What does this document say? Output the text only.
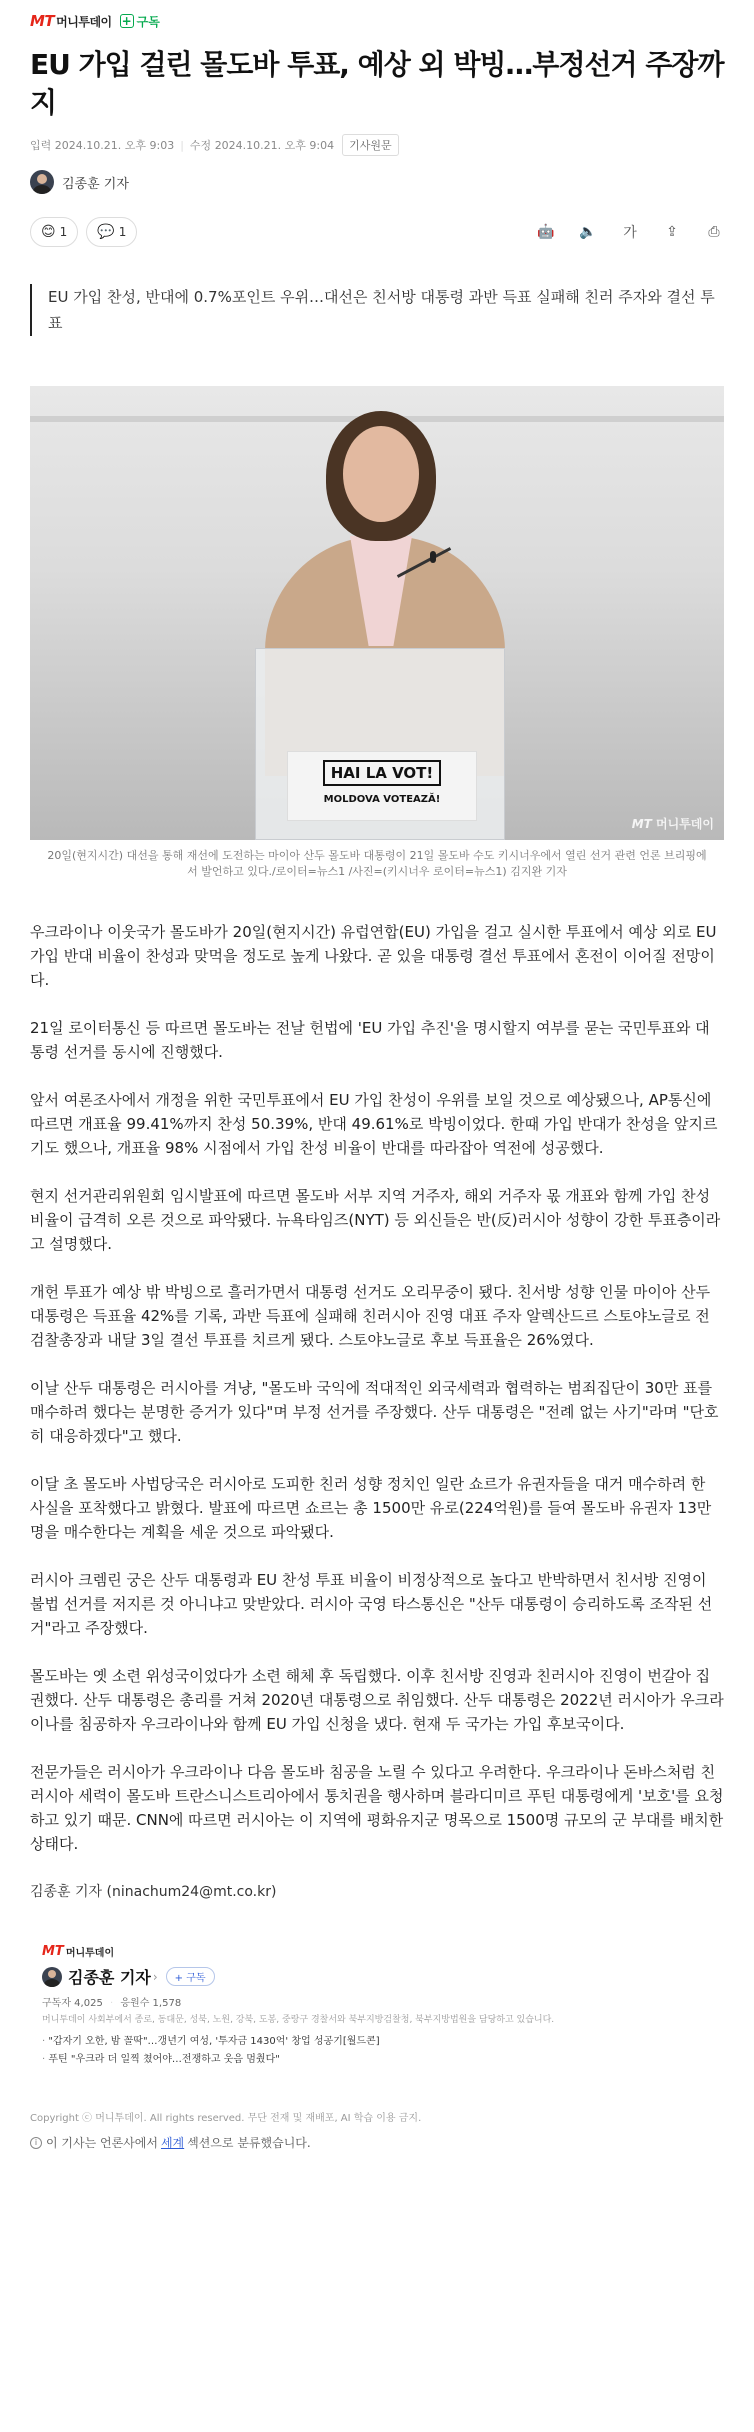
MT 머니투데이 + 구독
EU 가입 걸린 몰도바 투표, 예상 외 박빙…부정선거 주장까지
입력
2024.10.21. 오후 9:03 | 수정
2024.10.21. 오후 9:04	기사원문
김종훈 기자
😊 1 💬 1	🤖 🔈 가 ⇪	⎙
EU 가입 찬성, 반대에 0.7%포인트 우위…대선은 친서방 대통령 과반 득표 실패해 친러 주자와 결선 투표
HAI LA VOT!
MOLDOVA VOTEAZĂ!
MT 머니투데이
20일(현지시간) 대선을 통해 재선에 도전하는 마이아 산두 몰도바 대통령이 21일 몰도바 수도 키시너우에서 열린 선거 관련 언론 브리핑에서 발언하고 있다./로이터=뉴스1 /사진=(키시너우 로이터=뉴스1) 김지완 기자

우크라이나 이웃국가 몰도바가 20일(현지시간) 유럽연합(EU) 가입을 걸고 실시한 투표에서 예상 외로 EU 가입 반대 비율이 찬성과 맞먹을 정도로 높게 나왔다. 곧 있을 대통령 결선 투표에서 혼전이 이어질 전망이다.

21일 로이터통신 등 따르면 몰도바는 전날 헌법에 'EU 가입 추진'을 명시할지 여부를 묻는 국민투표와 대통령 선거를 동시에 진행했다.

앞서 여론조사에서 개정을 위한 국민투표에서 EU 가입 찬성이 우위를 보일 것으로 예상됐으나, AP통신에 따르면 개표율 99.41%까지 찬성 50.39%, 반대 49.61%로 박빙이었다. 한때 가입 반대가 찬성을 앞지르기도 했으나, 개표율 98% 시점에서 가입 찬성 비율이 반대를 따라잡아 역전에 성공했다.

현지 선거관리위원회 임시발표에 따르면 몰도바 서부 지역 거주자, 해외 거주자 몫 개표와 함께 가입 찬성 비율이 급격히 오른 것으로 파악됐다. 뉴욕타임즈(NYT) 등 외신들은 반(反)러시아 성향이 강한 투표층이라고 설명했다.

개헌 투표가 예상 밖 박빙으로 흘러가면서 대통령 선거도 오리무중이 됐다. 친서방 성향 인물 마이아 산두 대통령은 득표율 42%를 기록, 과반 득표에 실패해 친러시아 진영 대표 주자 알렉산드르 스토야노글로 전 검찰총장과 내달 3일 결선 투표를 치르게 됐다. 스토야노글로 후보 득표율은 26%였다.

이날 산두 대통령은 러시아를 겨냥, "몰도바 국익에 적대적인 외국세력과 협력하는 범죄집단이 30만 표를 매수하려 했다는 분명한 증거가 있다"며 부정 선거를 주장했다. 산두 대통령은 "전례 없는 사기"라며 "단호히 대응하겠다"고 했다.

이달 초 몰도바 사법당국은 러시아로 도피한 친러 성향 정치인 일란 쇼르가 유권자들을 대거 매수하려 한 사실을 포착했다고 밝혔다. 발표에 따르면 쇼르는 총 1500만 유로(224억원)를 들여 몰도바 유권자 13만 명을 매수한다는 계획을 세운 것으로 파악됐다.

러시아 크렘린 궁은 산두 대통령과 EU 찬성 투표 비율이 비정상적으로 높다고 반박하면서 친서방 진영이 불법 선거를 저지른 것 아니냐고 맞받았다. 러시아 국영 타스통신은 "산두 대통령이 승리하도록 조작된 선거"라고 주장했다.

몰도바는 옛 소련 위성국이었다가 소련 해체 후 독립했다. 이후 친서방 진영과 친러시아 진영이 번갈아 집권했다. 산두 대통령은 총리를 거쳐 2020년 대통령으로 취임했다. 산두 대통령은 2022년 러시아가 우크라이나를 침공하자 우크라이나와 함께 EU 가입 신청을 냈다. 현재 두 국가는 가입 후보국이다.

전문가들은 러시아가 우크라이나 다음 몰도바 침공을 노릴 수 있다고 우려한다. 우크라이나 돈바스처럼 친러시아 세력이 몰도바 트란스니스트리아에서 통치권을 행사하며 블라디미르 푸틴 대통령에게 '보호'를 요청하고 있기 때문. CNN에 따르면 러시아는 이 지역에 평화유지군 명목으로 1500명 규모의 군 부대를 배치한 상태다.

김종훈 기자 (ninachum24@mt.co.kr)
MT 머니투데이
김종훈 기자 ›	+ 구독
구독자 4,025 · 응원수 1,578
머니투데이 사회부에서 종로, 동대문, 성북, 노원, 강북, 도봉, 중랑구 경찰서와 북부지방검찰청, 북부지방법원을 담당하고 있습니다.
· "갑자기 오한, 밤 꼴딱"…갱년기 여성, '투자금 1430억' 창업 성공기[월드콘]
· 푸틴 "우크라 더 일찍 쳤어야…전쟁하고 웃음 멈췄다"
Copyright ⓒ 머니투데이. All rights reserved. 무단 전재 및 재배포, AI 학습 이용 금지.
i 이 기사는 언론사에서 세계 섹션으로 분류했습니다.
